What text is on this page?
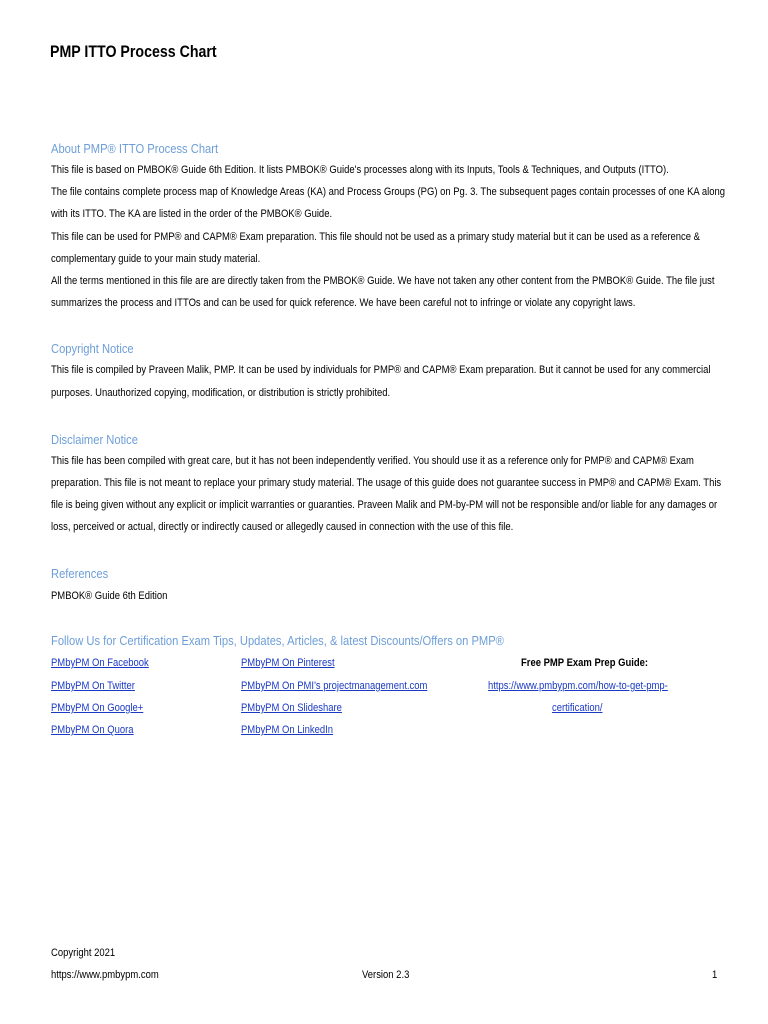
PMP ITTO Process Chart
About PMP® ITTO Process Chart
This file is based on PMBOK® Guide 6th Edition. It lists PMBOK® Guide's processes along with its Inputs, Tools & Techniques, and Outputs (ITTO).
The file contains complete process map of Knowledge Areas (KA) and Process Groups (PG) on Pg. 3. The subsequent pages contain processes of one KA along
with its ITTO. The KA are listed in the order of the PMBOK® Guide.
This file can be used for PMP® and CAPM® Exam preparation. This file should not be used as a primary study material but it can be used as a reference &
complementary guide to your main study material.
All the terms mentioned in this file are are directly taken from the PMBOK® Guide. We have not taken any other content from the PMBOK® Guide. The file just
summarizes the process and ITTOs and can be used for quick reference. We have been careful not to infringe or violate any copyright laws.
Copyright Notice
This file is compiled by Praveen Malik, PMP. It can be used by individuals for PMP® and CAPM® Exam preparation. But it cannot be used for any commercial
purposes. Unauthorized copying, modification, or distribution is strictly prohibited.
Disclaimer Notice
This file has been compiled with great care, but it has not been independently verified. You should use it as a reference only for PMP® and CAPM® Exam
preparation. This file is not meant to replace your primary study material. The usage of this guide does not guarantee success in PMP® and CAPM® Exam. This
file is being given without any explicit or implicit warranties or guaranties. Praveen Malik and PM-by-PM will not be responsible and/or liable for any damages or
loss, perceived or actual, directly or indirectly caused or allegedly caused in connection with the use of this file.
References
PMBOK® Guide 6th Edition
Follow Us for Certification Exam Tips, Updates, Articles, & latest Discounts/Offers on PMP®
PMbyPM On Facebook
PMbyPM On Twitter
PMbyPM On Google+
PMbyPM On Quora
PMbyPM On Pinterest
PMbyPM On PMI's projectmanagement.com
PMbyPM On Slideshare
PMbyPM On LinkedIn
Free PMP Exam Prep Guide:
https://www.pmbypm.com/how-to-get-pmp-
certification/
Copyright 2021
https://www.pmbypm.com	Version 2.3	1
